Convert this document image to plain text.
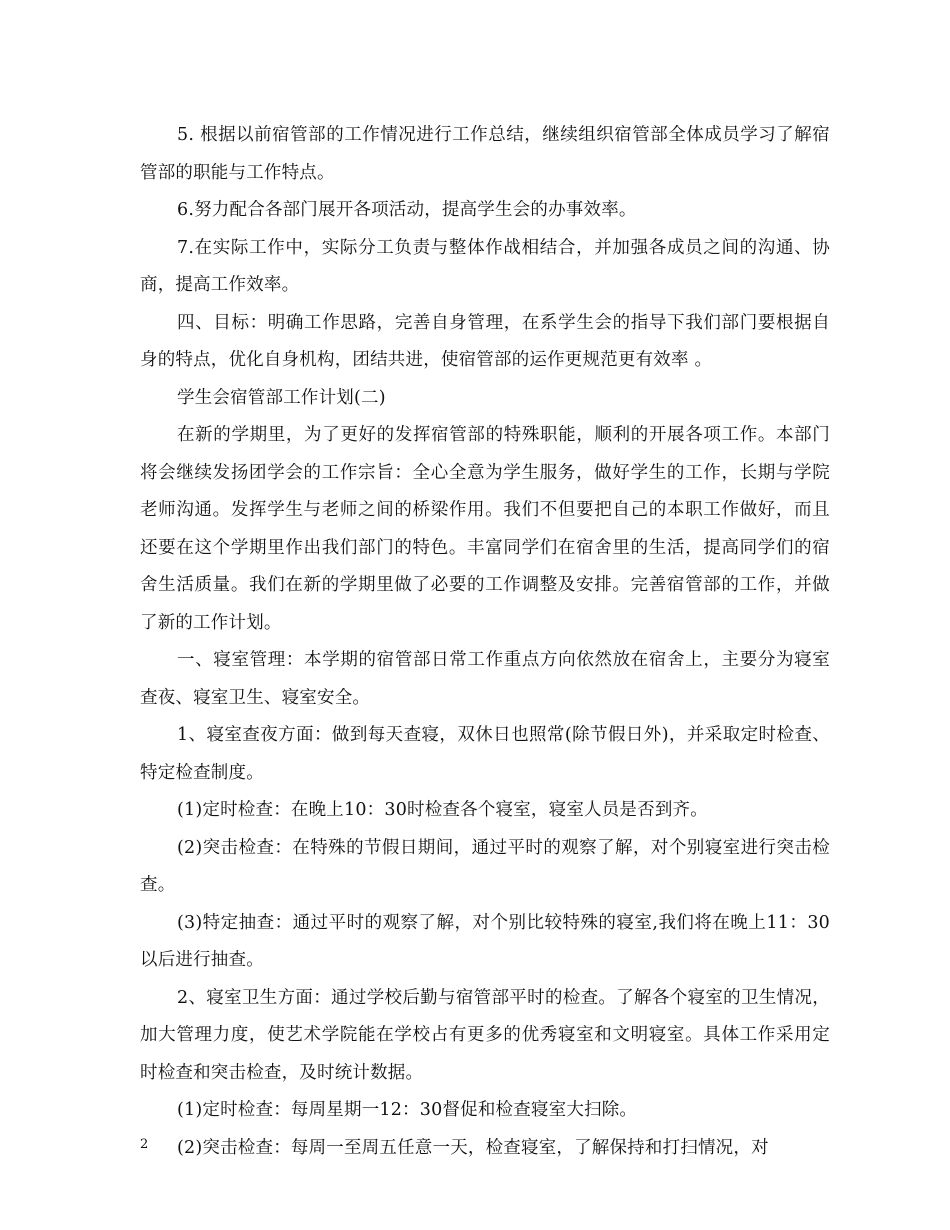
5. 根据以前宿管部的工作情况进行工作总结，继续组织宿管部全体成员学习了解宿管部的职能与工作特点。

6.努力配合各部门展开各项活动，提高学生会的办事效率。

7.在实际工作中，实际分工负责与整体作战相结合，并加强各成员之间的沟通、协商，提高工作效率。

四、目标：明确工作思路，完善自身管理，在系学生会的指导下我们部门要根据自身的特点，优化自身机构，团结共进，使宿管部的运作更规范更有效率 。

学生会宿管部工作计划(二)

在新的学期里，为了更好的发挥宿管部的特殊职能，顺利的开展各项工作。本部门将会继续发扬团学会的工作宗旨：全心全意为学生服务，做好学生的工作，长期与学院老师沟通。发挥学生与老师之间的桥梁作用。我们不但要把自己的本职工作做好，而且还要在这个学期里作出我们部门的特色。丰富同学们在宿舍里的生活，提高同学们的宿舍生活质量。我们在新的学期里做了必要的工作调整及安排。完善宿管部的工作，并做了新的工作计划。

一、寝室管理：本学期的宿管部日常工作重点方向依然放在宿舍上，主要分为寝室查夜、寝室卫生、寝室安全。

1、寝室查夜方面：做到每天查寝，双休日也照常(除节假日外)，并采取定时检查、特定检查制度。

(1)定时检查：在晚上10：30时检查各个寝室，寝室人员是否到齐。

(2)突击检查：在特殊的节假日期间，通过平时的观察了解，对个别寝室进行突击检查。

(3)特定抽查：通过平时的观察了解，对个别比较特殊的寝室,我们将在晚上11：30以后进行抽查。

2、寝室卫生方面：通过学校后勤与宿管部平时的检查。了解各个寝室的卫生情况，加大管理力度，使艺术学院能在学校占有更多的优秀寝室和文明寝室。具体工作采用定时检查和突击检查，及时统计数据。

(1)定时检查：每周星期一12：30督促和检查寝室大扫除。

(2)突击检查：每周一至周五任意一天，检查寝室，了解保持和打扫情况，对

2
